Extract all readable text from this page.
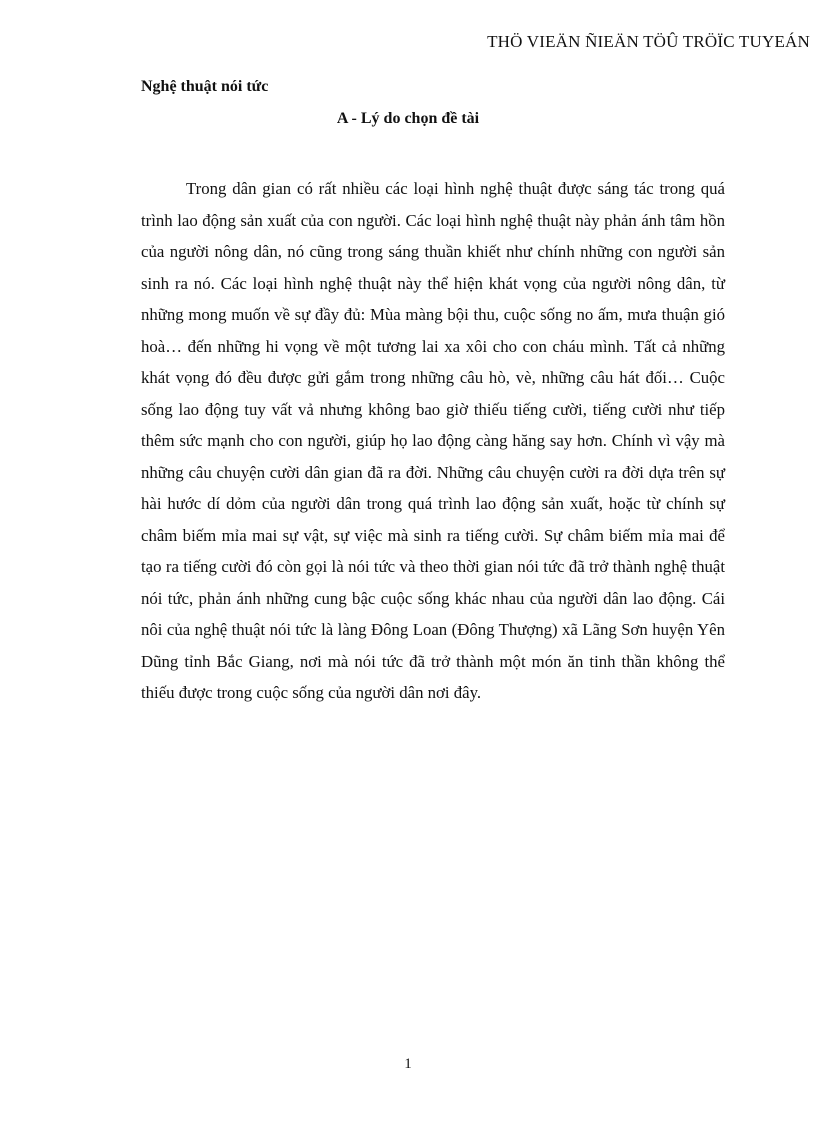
THÖ VIEÄN ÑIEÄN TÖÛ TRÖÏC TUYEÁN
Nghệ thuật nói tức
A - Lý do chọn đề tài

Trong dân gian có rất nhiều các loại hình nghệ thuật được sáng tác trong quá trình lao động sản xuất của con người. Các loại hình nghệ thuật này phản ánh tâm hồn của người nông dân, nó cũng trong sáng thuần khiết như chính những con người sản sinh ra nó. Các loại hình nghệ thuật này thể hiện khát vọng của người nông dân, từ những mong muốn về sự đầy đủ: Mùa màng bội thu, cuộc sống no ấm, mưa thuận gió hoà… đến những hi vọng về một tương lai xa xôi cho con cháu mình. Tất cả những khát vọng đó đều được gửi gắm trong những câu hò, vè, những câu hát đối… Cuộc sống lao động tuy vất vả nhưng không bao giờ thiếu tiếng cười, tiếng cười như tiếp thêm sức mạnh cho con người, giúp họ lao động càng hăng say hơn. Chính vì vậy mà những câu chuyện cười dân gian đã ra đời. Những câu chuyện cười ra đời dựa trên sự hài hước dí dỏm của người dân trong quá trình lao động sản xuất, hoặc từ chính sự châm biếm mỉa mai sự vật, sự việc mà sinh ra tiếng cười. Sự châm biếm mỉa mai để tạo ra tiếng cười đó còn gọi là nói tức và theo thời gian nói tức đã trở thành nghệ thuật nói tức, phản ánh những cung bậc cuộc sống khác nhau của người dân lao động. Cái nôi của nghệ thuật nói tức là làng Đông Loan (Đông Thượng) xã Lãng Sơn huyện Yên Dũng tỉnh Bắc Giang, nơi mà nói tức đã trở thành một món ăn tinh thần không thể thiếu được trong cuộc sống của người dân nơi đây.

1
